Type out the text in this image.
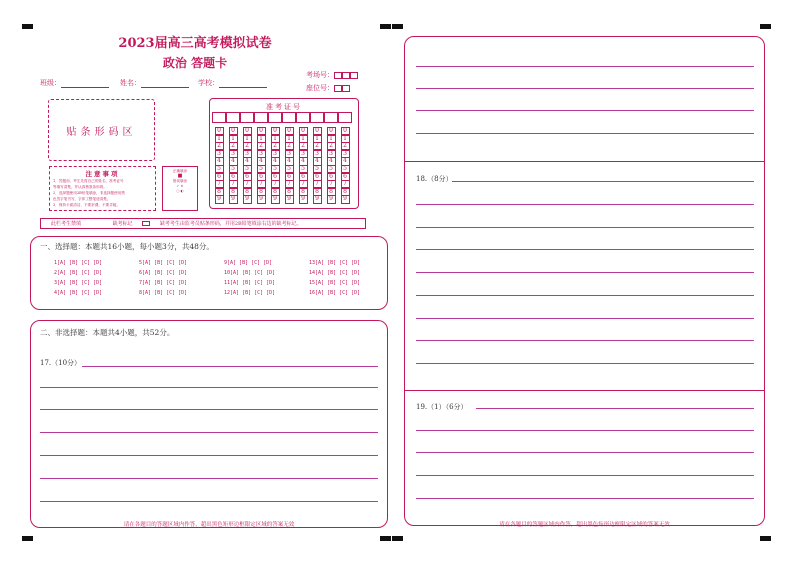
2023届高三高考模拟试卷
政治 答题卡
班级：	姓名：	学校：
考场号：
座位号：
贴条形码区
准考证号
0	0	0	0	0	0	0	0	0	0
1	1	1	1	1	1	1	1	1	1
2	2	2	2	2	2	2	2	2	2
3	3	3	3	3	3	3	3	3	3
4	4	4	4	4	4	4	4	4	4
5	5	5	5	5	5	5	5	5	5
6	6	6	6	6	6	6	6	6	6
7	7	7	7	7	7	7	7	7	7
8	8	8	8	8	8	8	8	8	8
9	9	9	9	9	9	9	9	9	9
注意事项
1．答题前，考生先将自己的姓名、准考证号
等填写清楚，并认真核准条形码。
2．选择题使用2B铅笔填涂，非选择题使用黑
色签字笔书写，字体工整笔迹清楚。
3．保持卡面清洁，不要折叠，不要弄破。
正确填涂
■
错误填涂
✓ ✕
○ ◐
此栏考生禁填	缺考标记	缺考考生由监考员贴条形码，并用2B铅笔填涂右边的缺考标记。
一、选择题：本题共16小题，每小题3分，共48分。
1[A] [B] [C] [D]
2[A] [B] [C] [D]
3[A] [B] [C] [D]
4[A] [B] [C] [D]
5[A] [B] [C] [D]
6[A] [B] [C] [D]
7[A] [B] [C] [D]
8[A] [B] [C] [D]
9[A] [B] [C] [D]
10[A] [B] [C] [D]
11[A] [B] [C] [D]
12[A] [B] [C] [D]
13[A] [B] [C] [D]
14[A] [B] [C] [D]
15[A] [B] [C] [D]
16[A] [B] [C] [D]
二、非选择题：本题共4小题，共52分。
17.（10分）
请在各题目的答题区域内作答，超出黑色矩形边框限定区域的答案无效
18.（8分）
19.（1）（6分）
请在各题目的答题区域内作答，超出黑色矩形边框限定区域的答案无效
